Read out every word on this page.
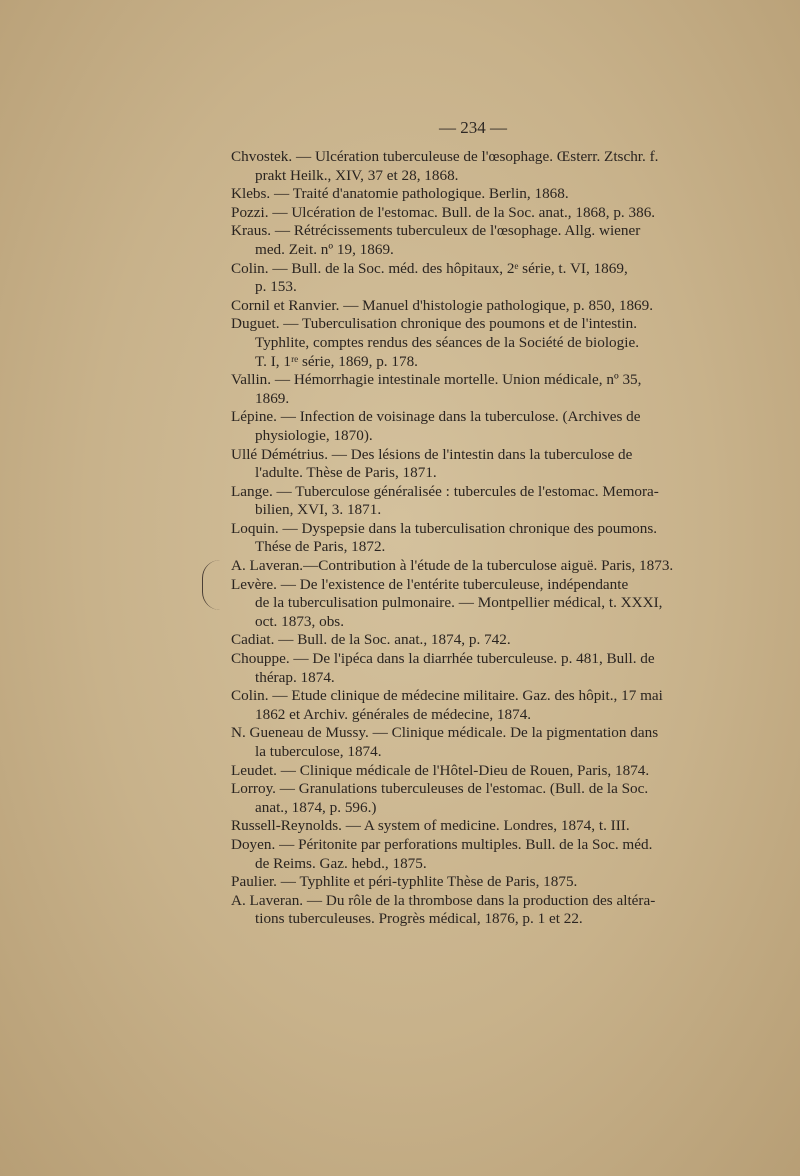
— 234 —
Chvostek. — Ulcération tuberculeuse de l'œsophage. Œsterr. Ztschr. f.
prakt Heilk., XIV, 37 et 28, 1868.
Klebs. — Traité d'anatomie pathologique. Berlin, 1868.
Pozzi. — Ulcération de l'estomac. Bull. de la Soc. anat., 1868, p. 386.
Kraus. — Rétrécissements tuberculeux de l'œsophage. Allg. wiener
med. Zeit. nº 19, 1869.
Colin. — Bull. de la Soc. méd. des hôpitaux, 2ᵉ série, t. VI, 1869,
p. 153.
Cornil et Ranvier. — Manuel d'histologie pathologique, p. 850, 1869.
Duguet. — Tuberculisation chronique des poumons et de l'intestin.
Typhlite, comptes rendus des séances de la Société de biologie.
T. I, 1ʳᵉ série, 1869, p. 178.
Vallin. — Hémorrhagie intestinale mortelle. Union médicale, nº 35,
1869.
Lépine. — Infection de voisinage dans la tuberculose. (Archives de
physiologie, 1870).
Ullé Démétrius. — Des lésions de l'intestin dans la tuberculose de
l'adulte. Thèse de Paris, 1871.
Lange. — Tuberculose généralisée : tubercules de l'estomac. Memora-
bilien, XVI, 3. 1871.
Loquin. — Dyspepsie dans la tuberculisation chronique des poumons.
Thése de Paris, 1872.
A. Laveran.—Contribution à l'étude de la tuberculose aiguë. Paris, 1873.
Levère. — De l'existence de l'entérite tuberculeuse, indépendante
de la tuberculisation pulmonaire. — Montpellier médical, t. XXXI,
oct. 1873, obs.
Cadiat. — Bull. de la Soc. anat., 1874, p. 742.
Chouppe. — De l'ipéca dans la diarrhée tuberculeuse. p. 481, Bull. de
thérap. 1874.
Colin. — Etude clinique de médecine militaire. Gaz. des hôpit., 17 mai
1862 et Archiv. générales de médecine, 1874.
N. Gueneau de Mussy. — Clinique médicale. De la pigmentation dans
la tuberculose, 1874.
Leudet. — Clinique médicale de l'Hôtel-Dieu de Rouen, Paris, 1874.
Lorroy. — Granulations tuberculeuses de l'estomac. (Bull. de la Soc.
anat., 1874, p. 596.)
Russell-Reynolds. — A system of medicine. Londres, 1874, t. III.
Doyen. — Péritonite par perforations multiples. Bull. de la Soc. méd.
de Reims. Gaz. hebd., 1875.
Paulier. — Typhlite et péri-typhlite Thèse de Paris, 1875.
A. Laveran. — Du rôle de la thrombose dans la production des altéra-
tions tuberculeuses. Progrès médical, 1876, p. 1 et 22.
